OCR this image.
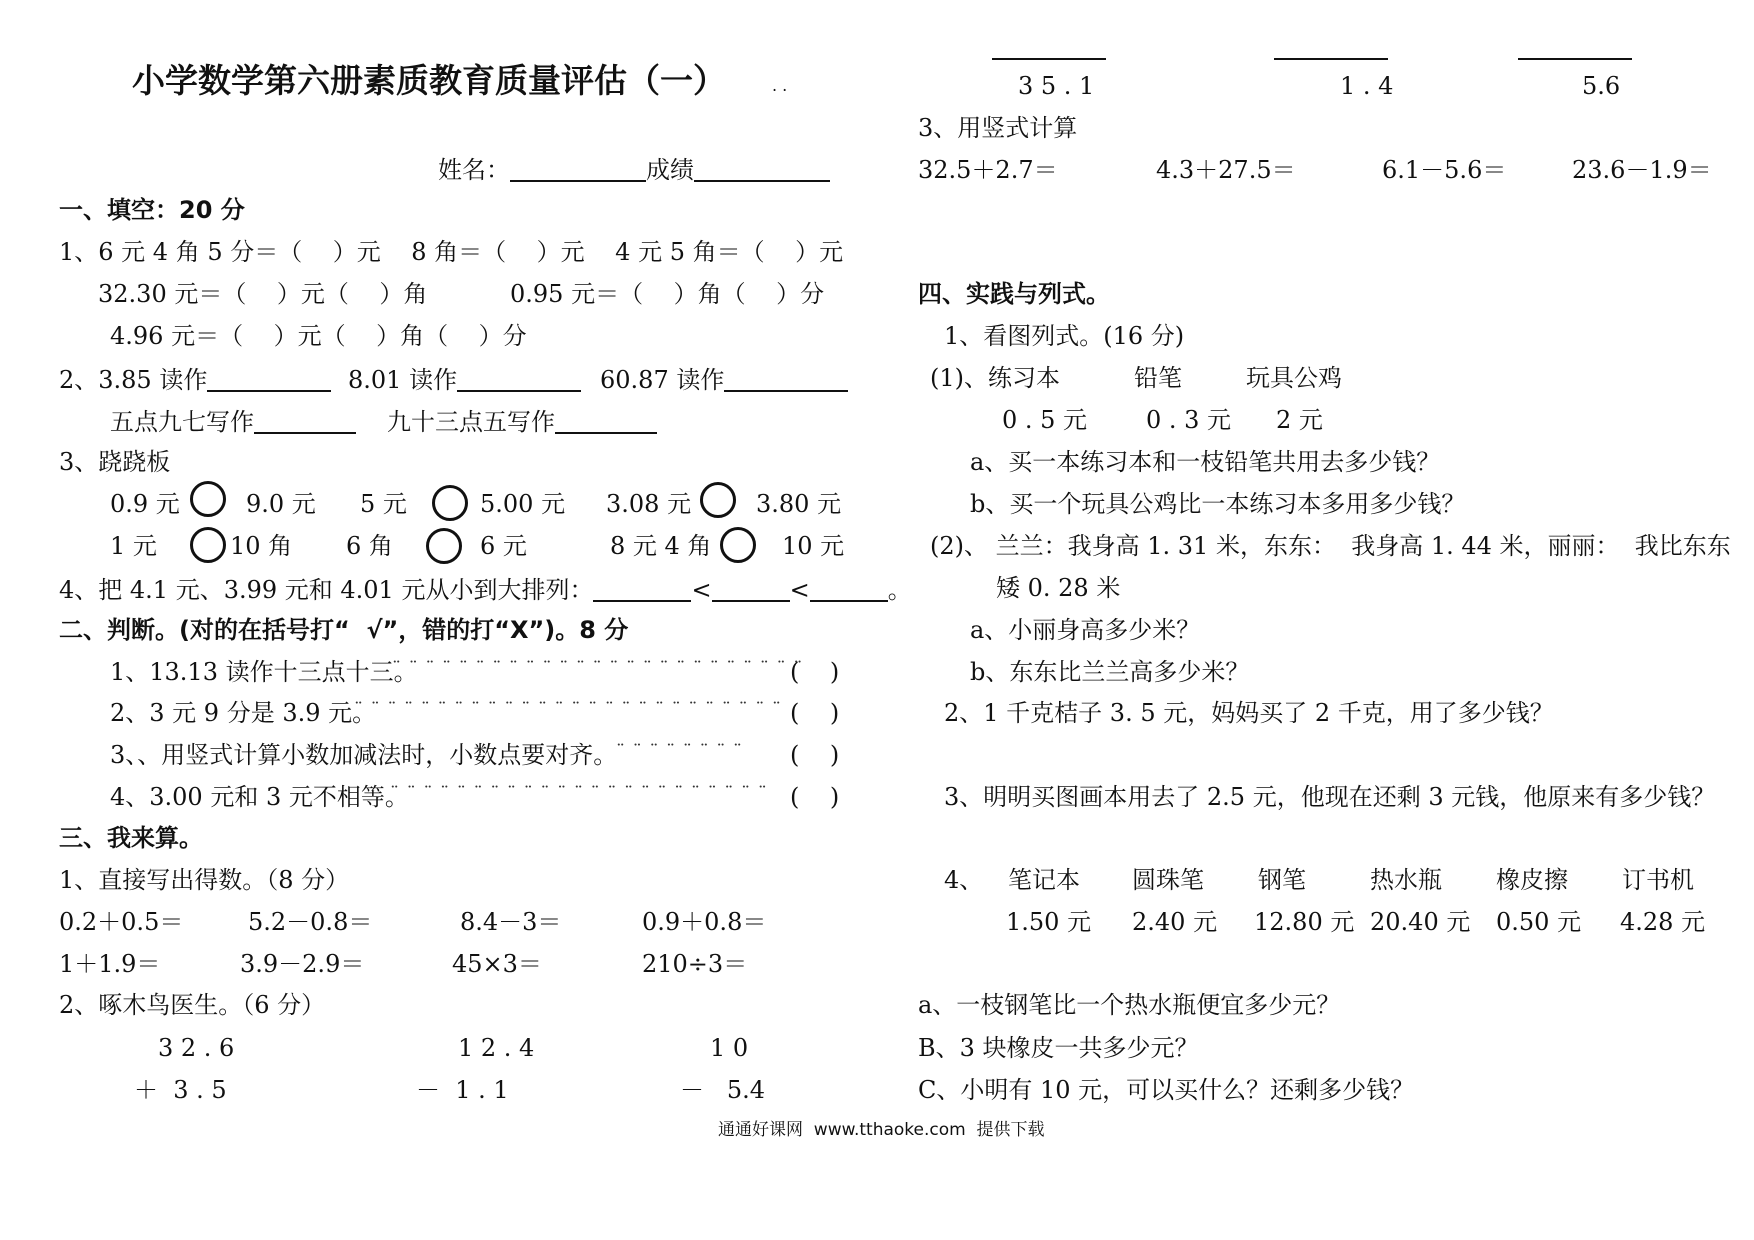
小学数学第六册素质教育质量评估（一）	. .
姓名：	成绩
一、填空：20 分
1、6 元 4 角 5 分＝（    ）元    8 角＝（    ）元    4 元 5 角＝（    ）元
32.30 元＝（    ）元（    ）角	0.95 元＝（    ）角（    ）分
4.96 元＝（    ）元（    ）角（    ）分
2、3.85 读作	8.01 读作	60.87 读作
五点九七写作	九十三点五写作
3、跷跷板
0.9 元	9.0 元 5 元	5.00 元 3.08 元	3.80 元
1 元	10 角 6 角	6 元	8 元 4 角	10 元
4、把 4.1 元、3.99 元和 4.01 元从小到大排列：	<	<	。
二、判断。(对的在括号打“  √”，错的打“X”)。8 分
1、13.13 读作十三点十三。
¨ ¨ ¨ ¨ ¨ ¨ ¨ ¨ ¨ ¨ ¨ ¨ ¨ ¨ ¨ ¨ ¨ ¨ ¨ ¨ ¨ ¨ ¨ ¨ ¨
(    )
2、3 元 9 分是 3.9 元。
¨ ¨ ¨ ¨ ¨ ¨ ¨ ¨ ¨ ¨ ¨ ¨ ¨ ¨ ¨ ¨ ¨ ¨ ¨ ¨ ¨ ¨ ¨ ¨ ¨ ¨ (    )
3、、用竖式计算小数加减法时，小数点要对齐。
¨ ¨ ¨ ¨ ¨ ¨ ¨ ¨ (    )
4、3.00 元和 3 元不相等。
¨ ¨ ¨ ¨ ¨ ¨ ¨ ¨ ¨ ¨ ¨ ¨ ¨ ¨ ¨ ¨ ¨ ¨ ¨ ¨ ¨ ¨ ¨ (    )
三、我来算。
1、直接写出得数。（8 分）
0.2＋0.5＝	5.2－0.8＝	8.4－3＝	0.9＋0.8＝
1＋1.9＝	3.9－2.9＝	45×3＝	210÷3＝
2、啄木鸟医生。（6 分）
3 2 . 6	1 2 . 4	1 0
＋  3 . 5	－  1 . 1	－   5.4
3 5 . 1	1 . 4	5.6
3、用竖式计算
32.5＋2.7＝	4.3＋27.5＝	6.1－5.6＝	23.6－1.9＝
四、实践与列式。
1、看图列式。(16 分)
(1)、练习本	铅笔	玩具公鸡
0 . 5 元 0 . 3 元 2 元
a、买一本练习本和一枝铅笔共用去多少钱？
b、买一个玩具公鸡比一本练习本多用多少钱？
(2)、 兰兰：我身高 1. 31 米，东东：  我身高 1. 44 米，丽丽：  我比东东
矮 0. 28 米
a、小丽身高多少米？
b、东东比兰兰高多少米？
2、1 千克桔子 3. 5 元，妈妈买了 2 千克，用了多少钱？
3、明明买图画本用去了 2.5 元，他现在还剩 3 元钱，他原来有多少钱？
4、 笔记本 圆珠笔 钢笔	热水瓶 橡皮擦 订书机
1.50 元 2.40 元 12.80 元 20.40 元 0.50 元 4.28 元
a、一枝钢笔比一个热水瓶便宜多少元？
B、3 块橡皮一共多少元？
C、小明有 10 元，可以买什么？还剩多少钱？
通通好课网  www.tthaoke.com  提供下载
